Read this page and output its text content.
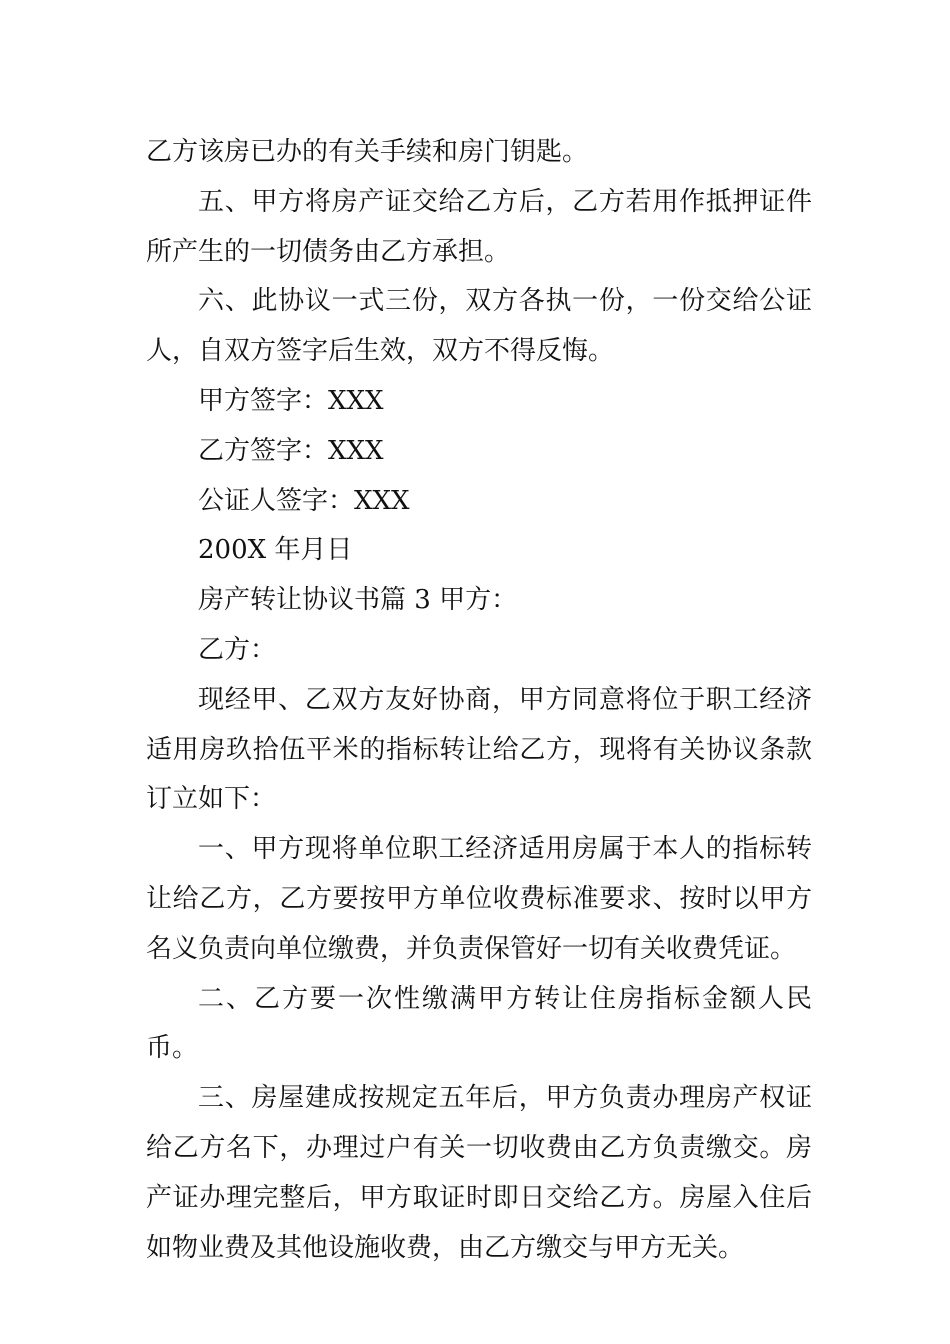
乙方该房已办的有关手续和房门钥匙。

五、甲方将房产证交给乙方后，乙方若用作抵押证件所产生的一切债务由乙方承担。

六、此协议一式三份，双方各执一份，一份交给公证人，自双方签字后生效，双方不得反悔。

甲方签字：XXX

乙方签字：XXX

公证人签字：XXX

200X 年月日

房产转让协议书篇 3 甲方：

乙方：

现经甲、乙双方友好协商，甲方同意将位于职工经济适用房玖拾伍平米的指标转让给乙方，现将有关协议条款订立如下：

一、甲方现将单位职工经济适用房属于本人的指标转让给乙方，乙方要按甲方单位收费标准要求、按时以甲方名义负责向单位缴费，并负责保管好一切有关收费凭证。

二、乙方要一次性缴满甲方转让住房指标金额人民币。

三、房屋建成按规定五年后，甲方负责办理房产权证给乙方名下，办理过户有关一切收费由乙方负责缴交。房产证办理完整后，甲方取证时即日交给乙方。房屋入住后如物业费及其他设施收费，由乙方缴交与甲方无关。
